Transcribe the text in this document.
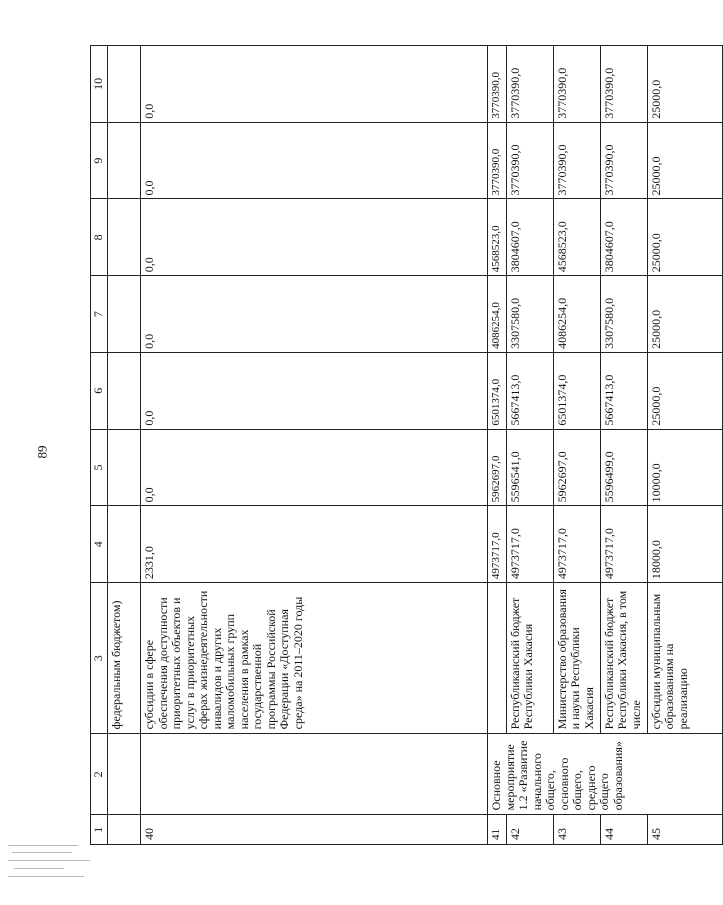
89
1	2	3	4	5	6	7	8	9	10
		федеральным бюджетом)							
40		субсидии в сфере обеспечения доступности приоритетных объектов и услуг в приоритетных сферах жизнедеятельности инвалидов и других маломобильных групп населения в рамках государственной программы Российской Федерации «Доступная среда» на 2011–2020 годы	2331,0	0,0	0,0	0,0	0,0	0,0	0,0
41	Основное мероприятие 1.2 «Развитие начального общего, основного общего, среднего общего образования»		4973717,0	5962697,0	6501374,0	4086254,0	4568523,0	3770390,0	3770390,0
42		Республиканский бюджет Республики Хакасия	4973717,0	5596541,0	5667413,0	3307580,0	3804607,0	3770390,0	3770390,0
43		Министерство образования и науки Республики Хакасия	4973717,0	5962697,0	6501374,0	4086254,0	4568523,0	3770390,0	3770390,0
44		Республиканский бюджет Республики Хакасия, в том числе	4973717,0	5596499,0	5667413,0	3307580,0	3804607,0	3770390,0	3770390,0
45		субсидии муниципальным образованиям на реализацию	18000,0	10000,0	25000,0	25000,0	25000,0	25000,0	25000,0
